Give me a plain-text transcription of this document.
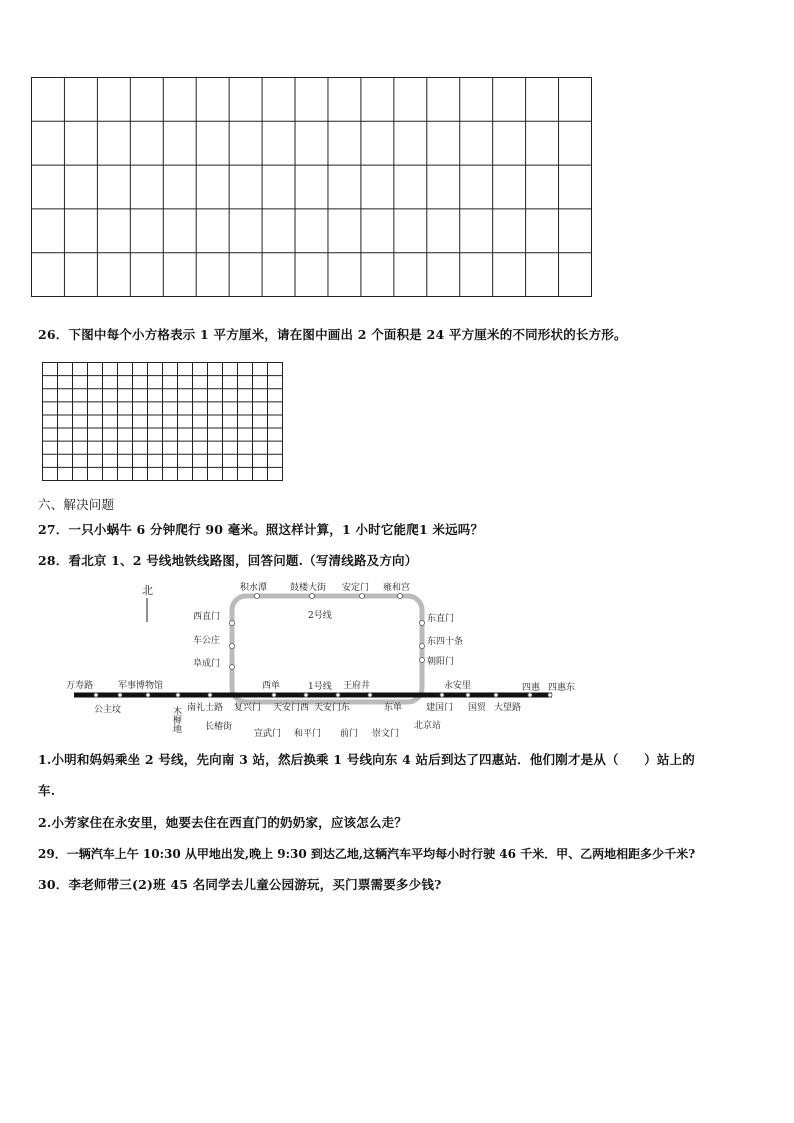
26．下图中每个小方格表示 1 平方厘米，请在图中画出 2 个面积是 24 平方厘米的不同形状的长方形。
六、解决问题
27．一只小蜗牛 6 分钟爬行 90 毫米。照这样计算，1 小时它能爬1 米远吗？
28．看北京 1、2 号线地铁线路图，回答问题.（写清线路及方向）
北
2号线
1号线
积水潭	鼓楼大街 安定门 雍和宫
西直门
车公庄
阜成门
东直门
东四十条
朝阳门
万寿路	军事博物馆	西单	王府井	永安里	四惠 四惠东
公主坟	木樨地 南礼士路 复兴门 天安门西 天安门东	东单	建国门 国贸 大望路
长椿街
宣武门 和平门 前门 崇文门
北京站
1.小明和妈妈乘坐 2 号线，先向南 3 站，然后换乘 1 号线向东 4 站后到达了四惠站．他们刚才是从（　　）站上的
车.
2.小芳家住在永安里，她要去住在西直门的奶奶家，应该怎么走？
29．一辆汽车上午 10:30 从甲地出发,晚上 9:30 到达乙地,这辆汽车平均每小时行驶 46 千米．甲、乙两地相距多少千米?
30．李老师带三(2)班 45 名同学去儿童公园游玩，买门票需要多少钱?
